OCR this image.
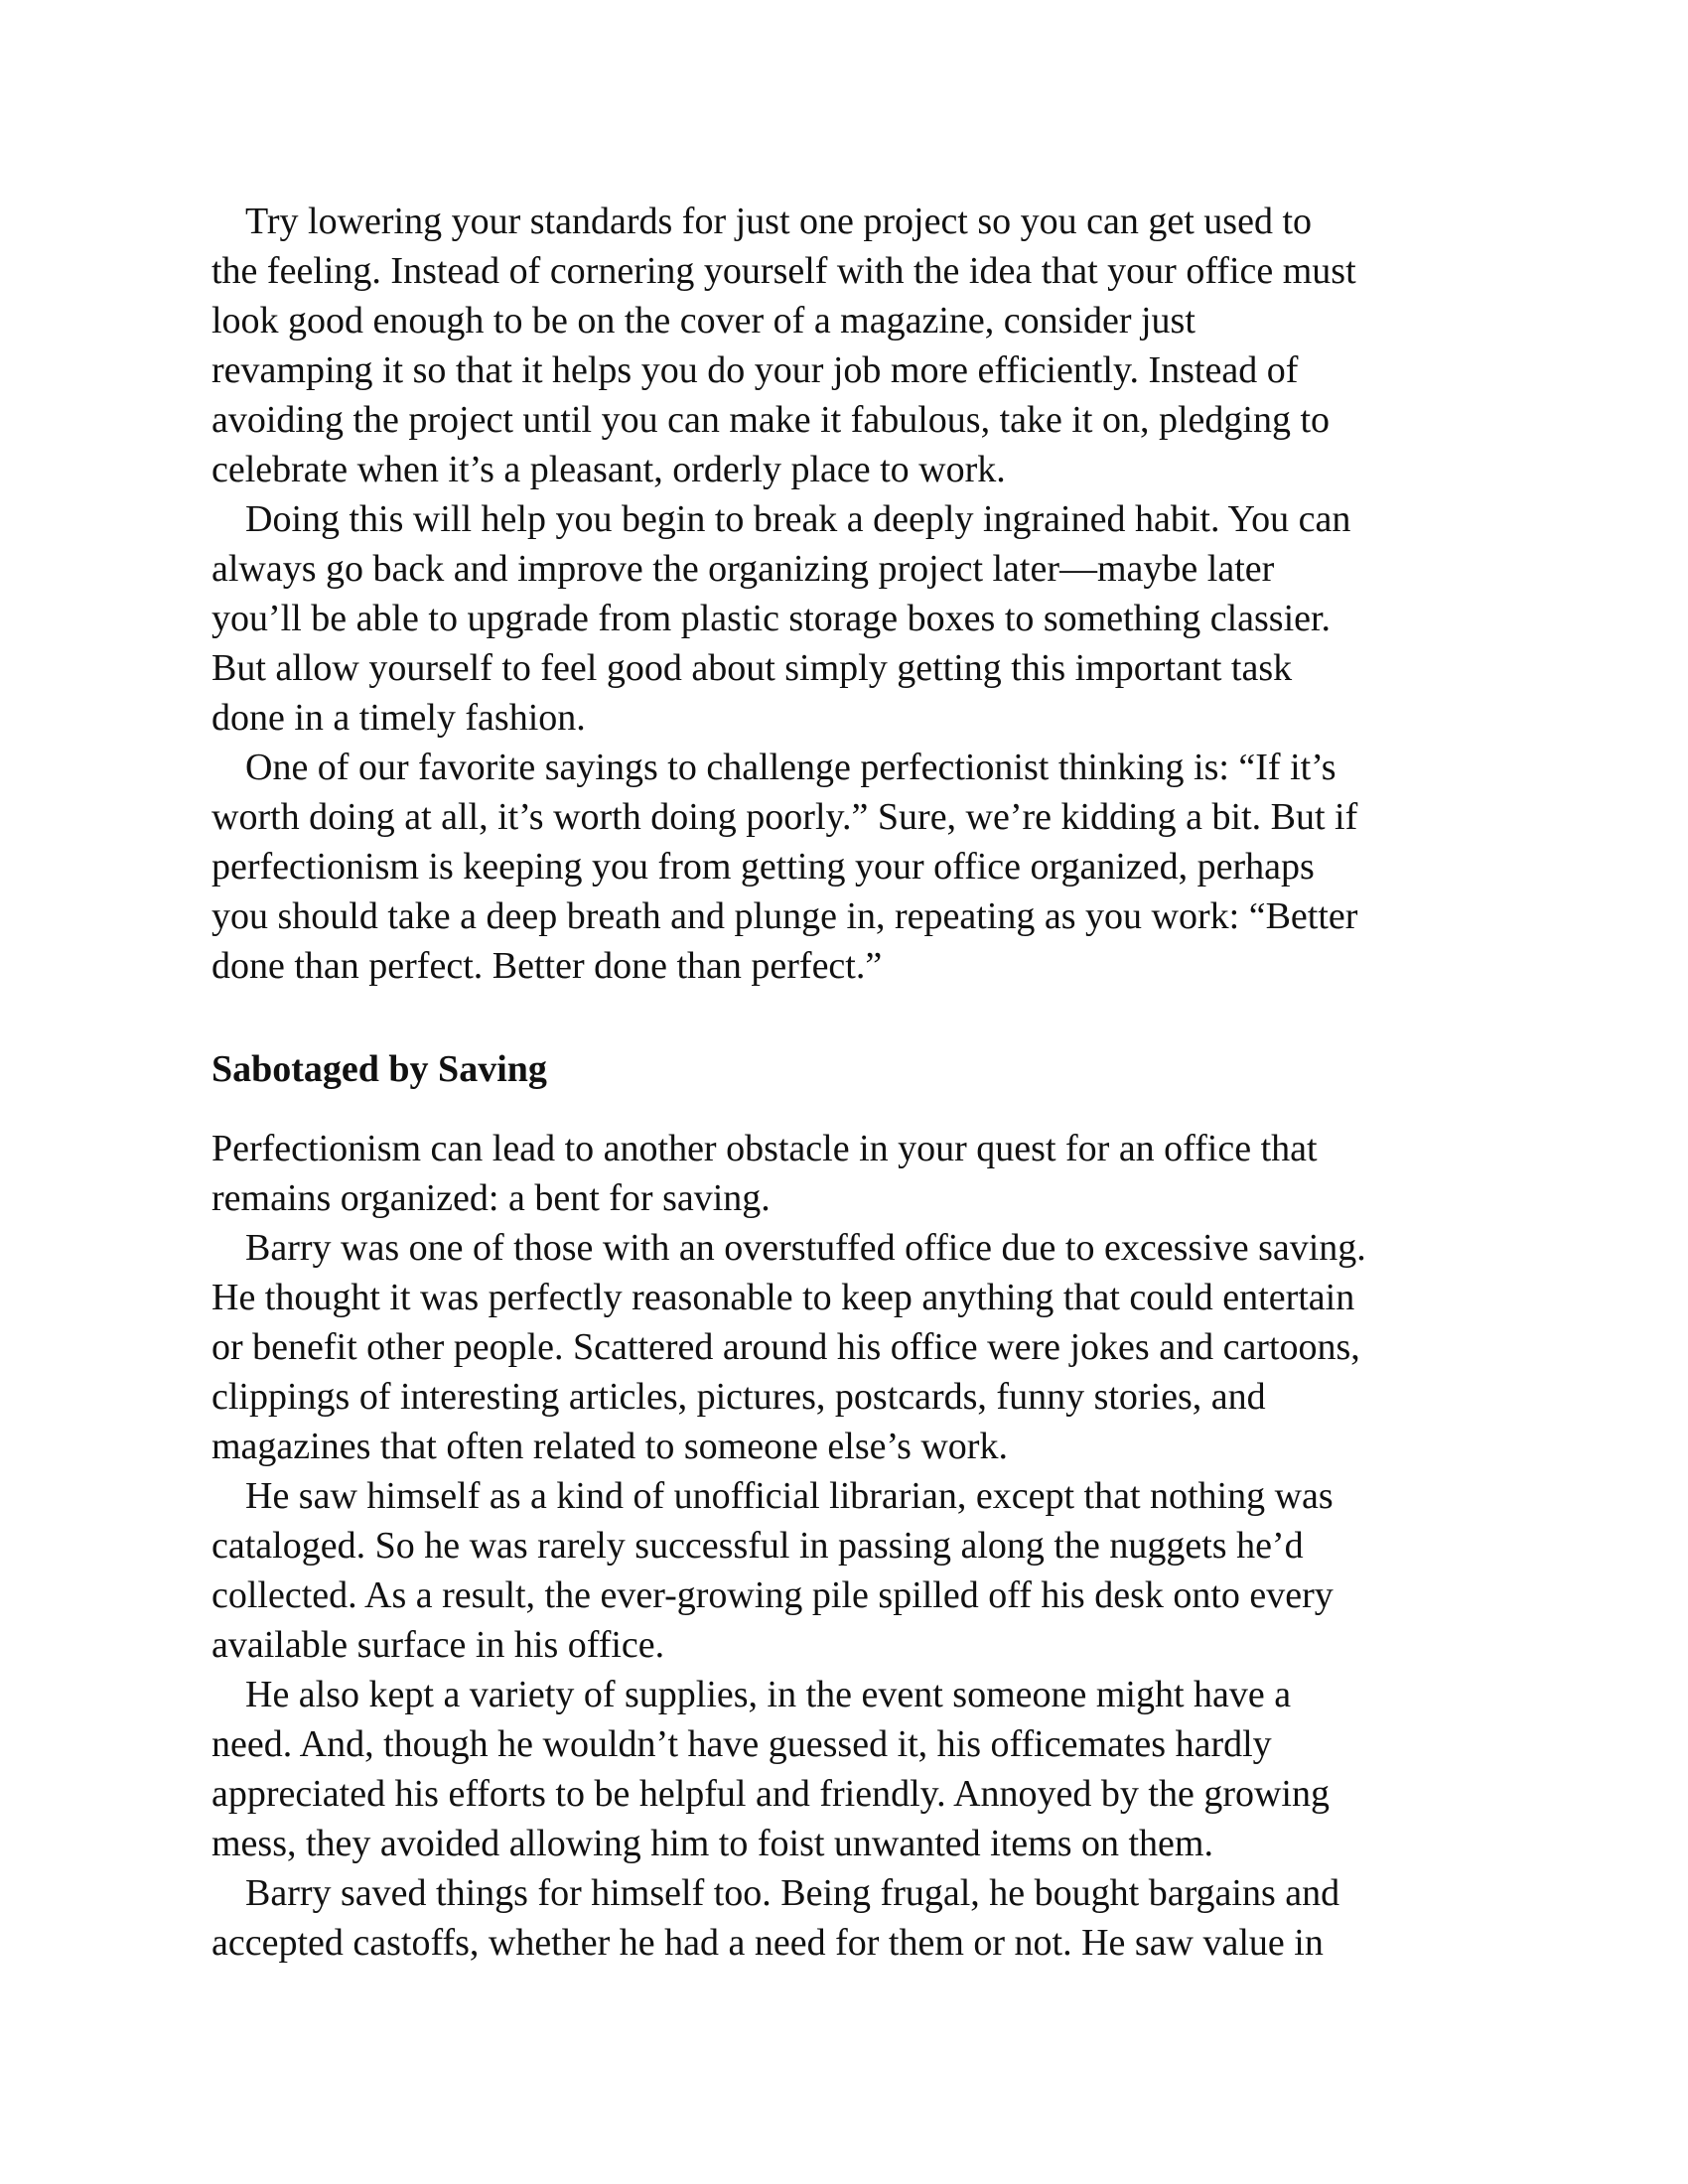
Try lowering your standards for just one project so you can get used to
the feeling. Instead of cornering yourself with the idea that your office must
look good enough to be on the cover of a magazine, consider just
revamping it so that it helps you do your job more efficiently. Instead of
avoiding the project until you can make it fabulous, take it on, pledging to
celebrate when it’s a pleasant, orderly place to work.

Doing this will help you begin to break a deeply ingrained habit. You can
always go back and improve the organizing project later—maybe later
you’ll be able to upgrade from plastic storage boxes to something classier.
But allow yourself to feel good about simply getting this important task
done in a timely fashion.

One of our favorite sayings to challenge perfectionist thinking is: “If it’s
worth doing at all, it’s worth doing poorly.” Sure, we’re kidding a bit. But if
perfectionism is keeping you from getting your office organized, perhaps
you should take a deep breath and plunge in, repeating as you work: “Better
done than perfect. Better done than perfect.”

Sabotaged by Saving

Perfectionism can lead to another obstacle in your quest for an office that
remains organized: a bent for saving.

Barry was one of those with an overstuffed office due to excessive saving.
He thought it was perfectly reasonable to keep anything that could entertain
or benefit other people. Scattered around his office were jokes and cartoons,
clippings of interesting articles, pictures, postcards, funny stories, and
magazines that often related to someone else’s work.

He saw himself as a kind of unofficial librarian, except that nothing was
cataloged. So he was rarely successful in passing along the nuggets he’d
collected. As a result, the ever-growing pile spilled off his desk onto every
available surface in his office.

He also kept a variety of supplies, in the event someone might have a
need. And, though he wouldn’t have guessed it, his officemates hardly
appreciated his efforts to be helpful and friendly. Annoyed by the growing
mess, they avoided allowing him to foist unwanted items on them.

Barry saved things for himself too. Being frugal, he bought bargains and
accepted castoffs, whether he had a need for them or not. He saw value in
